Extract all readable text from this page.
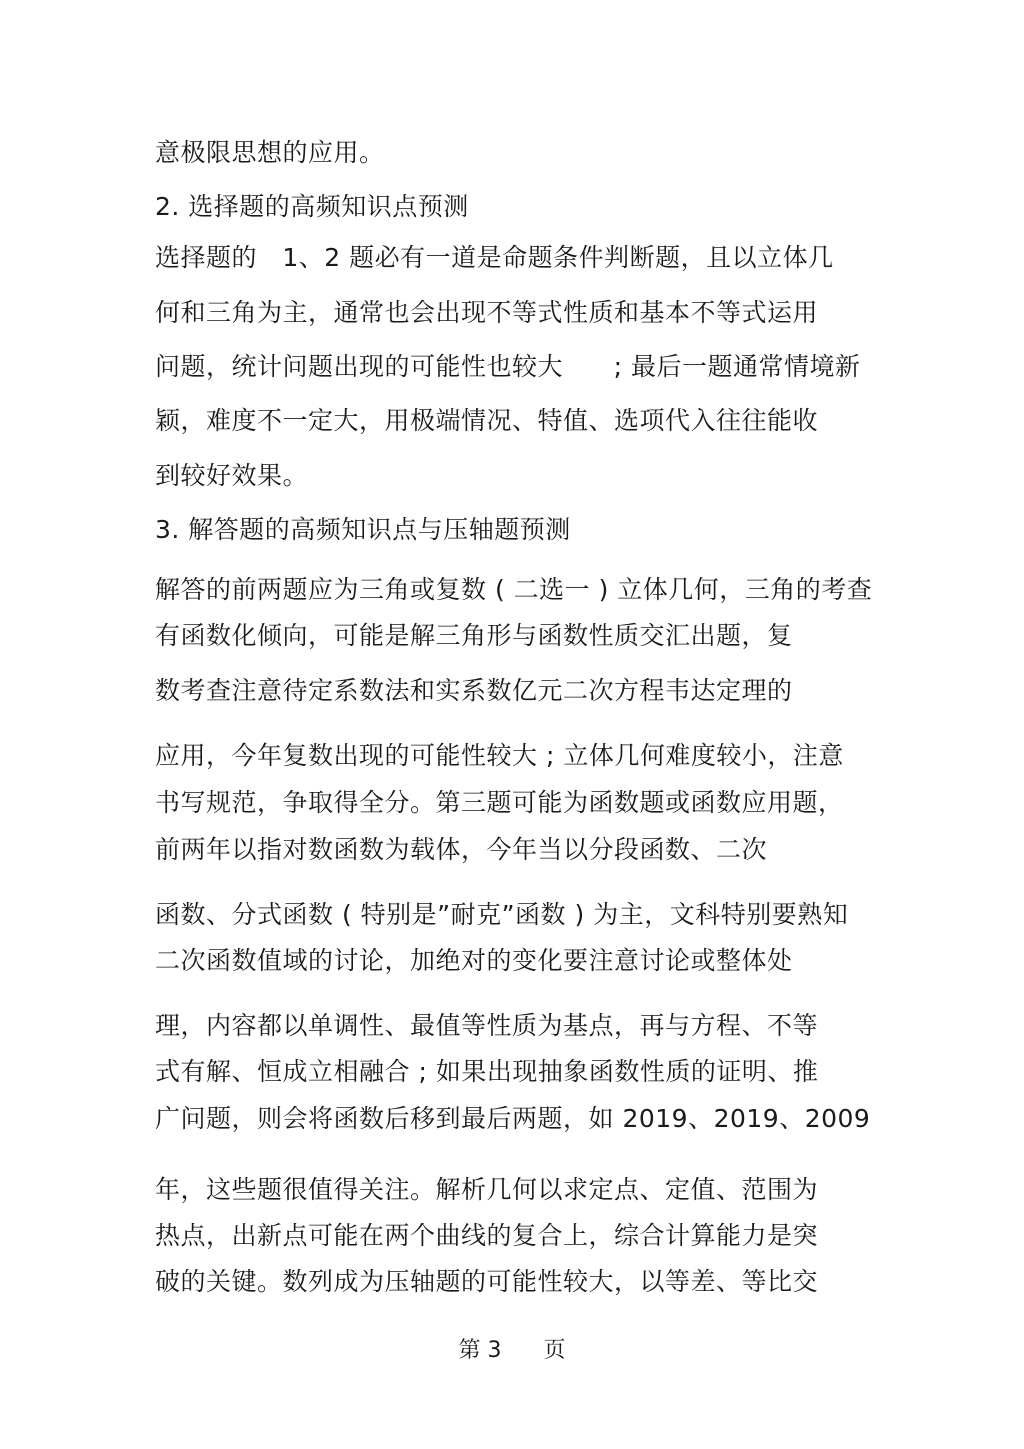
意极限思想的应用。
2. 选择题的高频知识点预测
选择题的   1、2 题必有一道是命题条件判断题，且以立体几
何和三角为主，通常也会出现不等式性质和基本不等式运用
问题，统计问题出现的可能性也较大      ; 最后一题通常情境新
颖，难度不一定大，用极端情况、特值、选项代入往往能收
到较好效果。
3. 解答题的高频知识点与压轴题预测
解答的前两题应为三角或复数 ( 二选一 ) 立体几何，三角的考查
有函数化倾向，可能是解三角形与函数性质交汇出题，复
数考查注意待定系数法和实系数亿元二次方程韦达定理的
应用，今年复数出现的可能性较大 ; 立体几何难度较小，注意
书写规范，争取得全分。第三题可能为函数题或函数应用题，
前两年以指对数函数为载体，今年当以分段函数、二次
函数、分式函数 ( 特别是”耐克”函数 ) 为主，文科特别要熟知
二次函数值域的讨论，加绝对的变化要注意讨论或整体处
理，内容都以单调性、最值等性质为基点，再与方程、不等
式有解、恒成立相融合 ; 如果出现抽象函数性质的证明、推
广问题，则会将函数后移到最后两题，如 2019、2019、2009
年，这些题很值得关注。解析几何以求定点、定值、范围为
热点，出新点可能在两个曲线的复合上，综合计算能力是突
破的关键。数列成为压轴题的可能性较大，以等差、等比交
第 3      页
